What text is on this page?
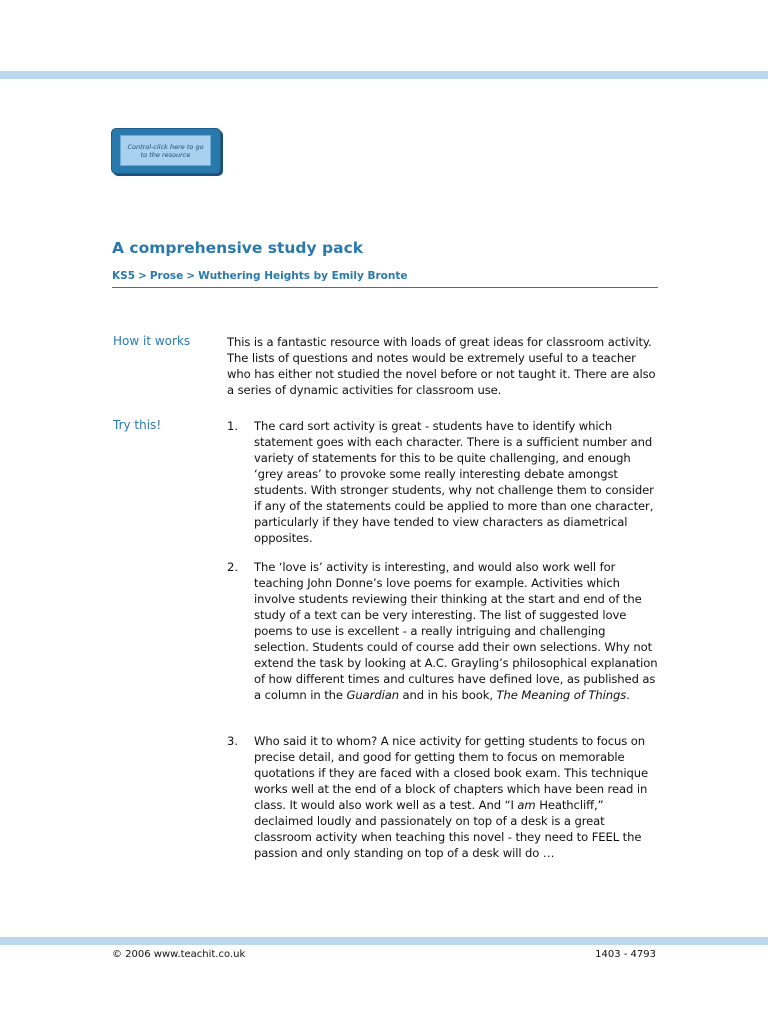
Control-click here to go to the resource
A comprehensive study pack
KS5 > Prose > Wuthering Heights by Emily Bronte
How it works	This is a fantastic resource with loads of great ideas for classroom activity. The lists of questions and notes would be extremely useful to a teacher who has either not studied the novel before or not taught it. There are also a series of dynamic activities for classroom use.
Try this!	1. The card sort activity is great - students have to identify which statement goes with each character. There is a sufficient number and variety of statements for this to be quite challenging, and enough ‘grey areas’ to provoke some really interesting debate amongst students. With stronger students, why not challenge them to consider if any of the statements could be applied to more than one character, particularly if they have tended to view characters as diametrical opposites.
2. The ‘love is’ activity is interesting, and would also work well for teaching John Donne’s love poems for example. Activities which involve students reviewing their thinking at the start and end of the study of a text can be very interesting. The list of suggested love poems to use is excellent - a really intriguing and challenging selection. Students could of course add their own selections. Why not extend the task by looking at A.C. Grayling’s philosophical explanation of how different times and cultures have defined love, as published as a column in the Guardian and in his book, The Meaning of Things.
3. Who said it to whom? A nice activity for getting students to focus on precise detail, and good for getting them to focus on memorable quotations if they are faced with a closed book exam. This technique works well at the end of a block of chapters which have been read in class. It would also work well as a test. And “I am Heathcliff,” declaimed loudly and passionately on top of a desk is a great classroom activity when teaching this novel - they need to FEEL the passion and only standing on top of a desk will do …
© 2006 www.teachit.co.uk	1403 - 4793
